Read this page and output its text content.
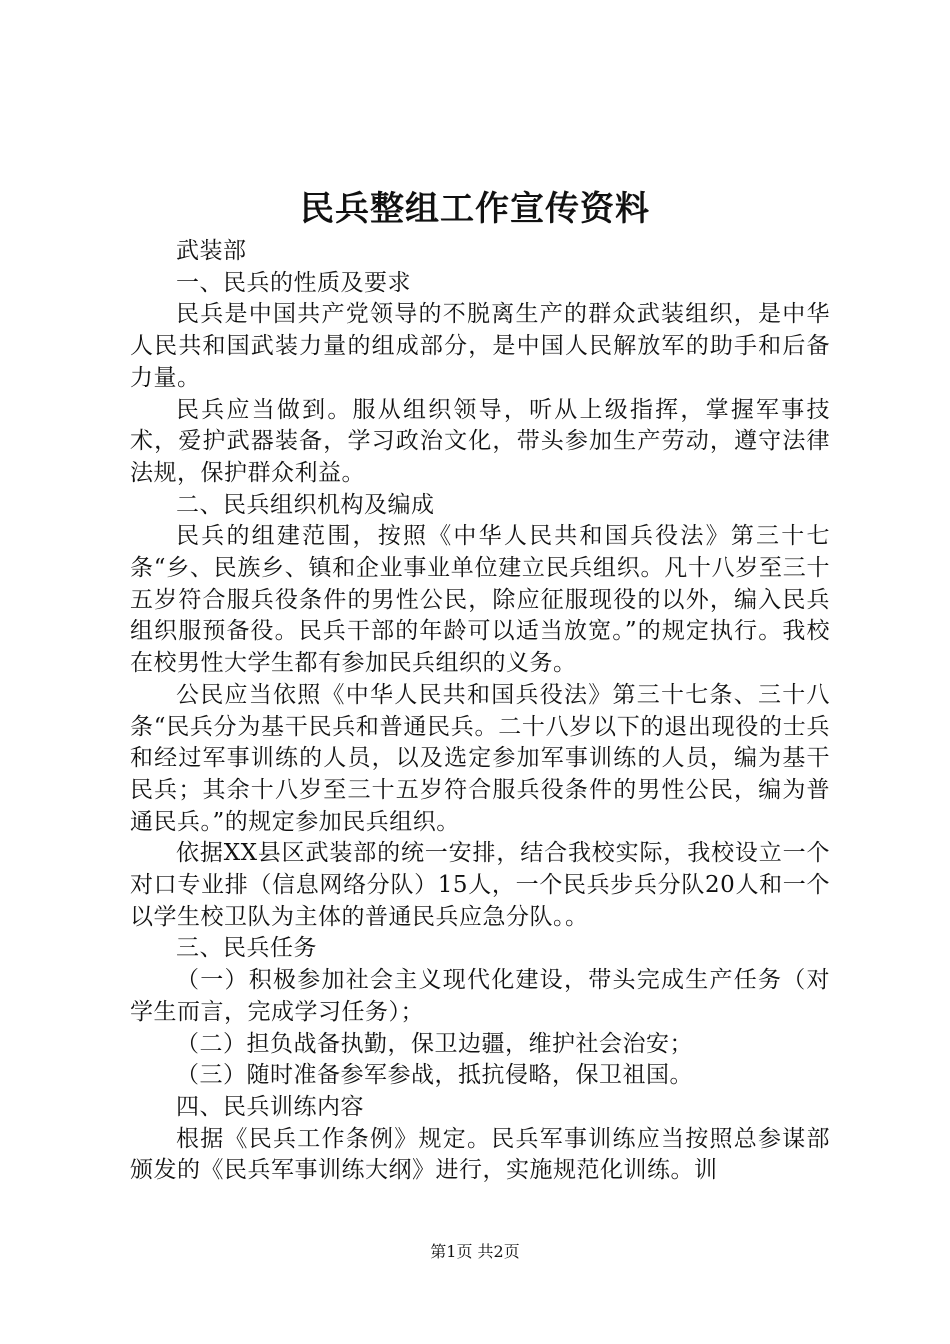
民兵整组工作宣传资料

武装部

一、民兵的性质及要求

民兵是中国共产党领导的不脱离生产的群众武装组织，是中华人民共和国武装力量的组成部分，是中国人民解放军的助手和后备力量。

民兵应当做到。服从组织领导，听从上级指挥，掌握军事技术，爱护武器装备，学习政治文化，带头参加生产劳动，遵守法律法规，保护群众利益。

二、民兵组织机构及编成

民兵的组建范围，按照《中华人民共和国兵役法》第三十七条“乡、民族乡、镇和企业事业单位建立民兵组织。凡十八岁至三十五岁符合服兵役条件的男性公民，除应征服现役的以外，编入民兵组织服预备役。民兵干部的年龄可以适当放宽。”的规定执行。我校在校男性大学生都有参加民兵组织的义务。

公民应当依照《中华人民共和国兵役法》第三十七条、三十八条“民兵分为基干民兵和普通民兵。二十八岁以下的退出现役的士兵和经过军事训练的人员，以及选定参加军事训练的人员，编为基干民兵；其余十八岁至三十五岁符合服兵役条件的男性公民，编为普通民兵。”的规定参加民兵组织。

依据XX县区武装部的统一安排，结合我校实际，我校设立一个对口专业排（信息网络分队）15人，一个民兵步兵分队20人和一个以学生校卫队为主体的普通民兵应急分队。。

三、民兵任务

（一）积极参加社会主义现代化建设，带头完成生产任务（对学生而言，完成学习任务）；

（二）担负战备执勤，保卫边疆，维护社会治安；

（三）随时准备参军参战，抵抗侵略，保卫祖国。

四、民兵训练内容

根据《民兵工作条例》规定。民兵军事训练应当按照总参谋部颁发的《民兵军事训练大纲》进行，实施规范化训练。训

第1页 共2页
